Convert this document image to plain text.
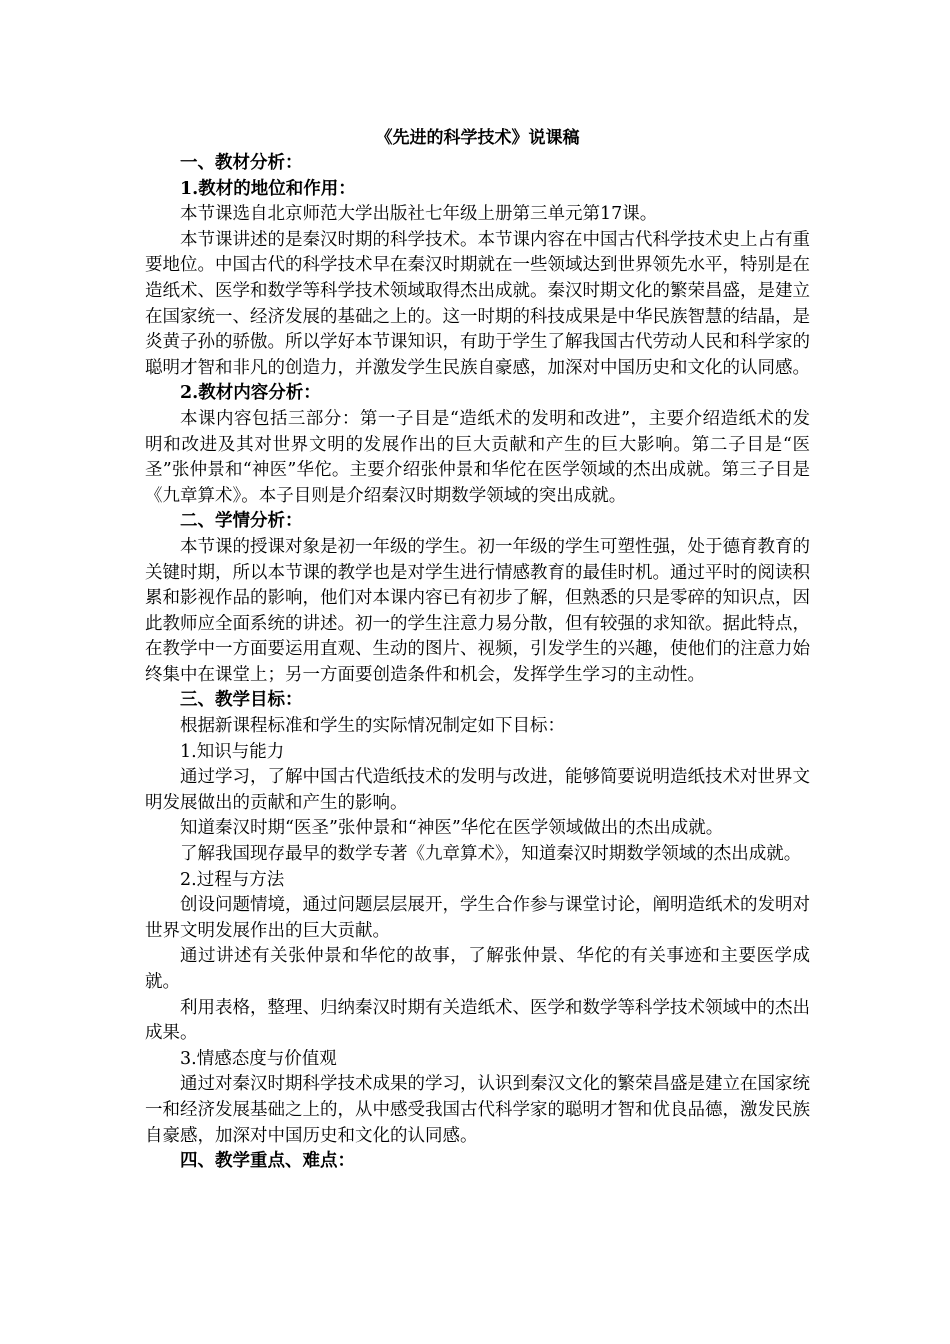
《先进的科学技术》说课稿

一、教材分析：

1.教材的地位和作用：

本节课选自北京师范大学出版社七年级上册第三单元第17课。

本节课讲述的是秦汉时期的科学技术。本节课内容在中国古代科学技术史上占有重要地位。中国古代的科学技术早在秦汉时期就在一些领域达到世界领先水平，特别是在造纸术、医学和数学等科学技术领域取得杰出成就。秦汉时期文化的繁荣昌盛，是建立在国家统一、经济发展的基础之上的。这一时期的科技成果是中华民族智慧的结晶，是炎黄子孙的骄傲。所以学好本节课知识，有助于学生了解我国古代劳动人民和科学家的聪明才智和非凡的创造力，并激发学生民族自豪感，加深对中国历史和文化的认同感。

2.教材内容分析：

本课内容包括三部分：第一子目是“造纸术的发明和改进”，主要介绍造纸术的发明和改进及其对世界文明的发展作出的巨大贡献和产生的巨大影响。第二子目是“医圣”张仲景和“神医”华佗。主要介绍张仲景和华佗在医学领域的杰出成就。第三子目是《九章算术》。本子目则是介绍秦汉时期数学领域的突出成就。

二、学情分析：

本节课的授课对象是初一年级的学生。初一年级的学生可塑性强，处于德育教育的关键时期，所以本节课的教学也是对学生进行情感教育的最佳时机。通过平时的阅读积累和影视作品的影响，他们对本课内容已有初步了解，但熟悉的只是零碎的知识点，因此教师应全面系统的讲述。初一的学生注意力易分散，但有较强的求知欲。据此特点，在教学中一方面要运用直观、生动的图片、视频，引发学生的兴趣，使他们的注意力始终集中在课堂上；另一方面要创造条件和机会，发挥学生学习的主动性。

三、教学目标：

根据新课程标准和学生的实际情况制定如下目标：

1.知识与能力

通过学习，了解中国古代造纸技术的发明与改进，能够简要说明造纸技术对世界文明发展做出的贡献和产生的影响。

知道秦汉时期“医圣”张仲景和“神医”华佗在医学领域做出的杰出成就。

了解我国现存最早的数学专著《九章算术》，知道秦汉时期数学领域的杰出成就。

2.过程与方法

创设问题情境，通过问题层层展开，学生合作参与课堂讨论，阐明造纸术的发明对世界文明发展作出的巨大贡献。

通过讲述有关张仲景和华佗的故事，了解张仲景、华佗的有关事迹和主要医学成就。

利用表格，整理、归纳秦汉时期有关造纸术、医学和数学等科学技术领域中的杰出成果。

3.情感态度与价值观

通过对秦汉时期科学技术成果的学习，认识到秦汉文化的繁荣昌盛是建立在国家统一和经济发展基础之上的，从中感受我国古代科学家的聪明才智和优良品德，激发民族自豪感，加深对中国历史和文化的认同感。

四、教学重点、难点：
